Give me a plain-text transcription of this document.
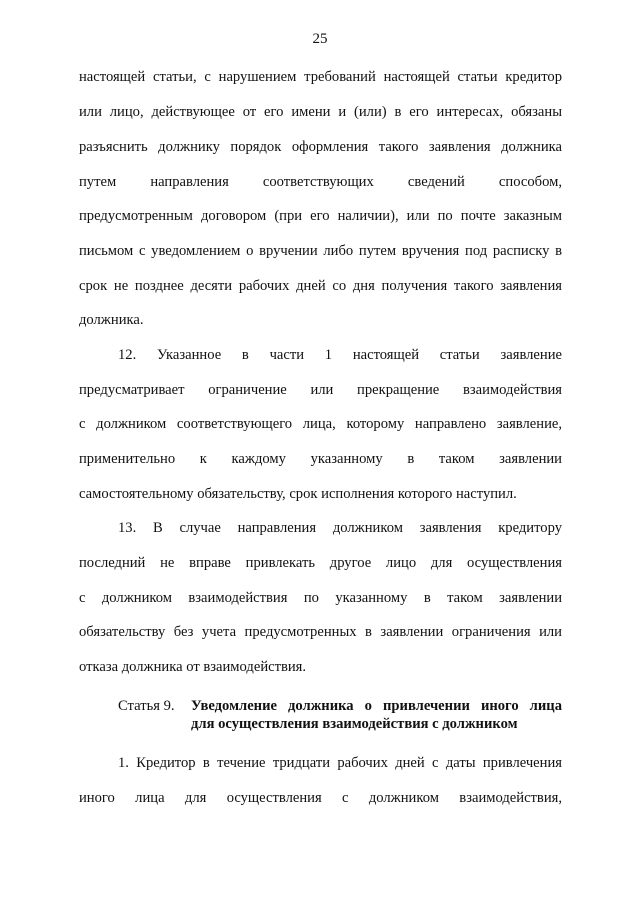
25
настоящей статьи, с нарушением требований настоящей статьи кредитор
или лицо, действующее от его имени и (или) в его интересах, обязаны
разъяснить должнику порядок оформления такого заявления должника
путем направления соответствующих сведений способом,
предусмотренным договором (при его наличии), или по почте заказным
письмом с уведомлением о вручении либо путем вручения под расписку в
срок не позднее десяти рабочих дней со дня получения такого заявления
должника.
12. Указанное в части 1 настоящей статьи заявление
предусматривает ограничение или прекращение взаимодействия
с должником соответствующего лица, которому направлено заявление,
применительно к каждому указанному в таком заявлении
самостоятельному обязательству, срок исполнения которого наступил.
13. В случае направления должником заявления кредитору
последний не вправе привлекать другое лицо для осуществления
с должником взаимодействия по указанному в таком заявлении
обязательству без учета предусмотренных в заявлении ограничения или
отказа должника от взаимодействия.
Статья 9. Уведомление должника о привлечении иного лица
для осуществления взаимодействия с должником
1. Кредитор в течение тридцати рабочих дней с даты привлечения
иного лица для осуществления с должником взаимодействия,
